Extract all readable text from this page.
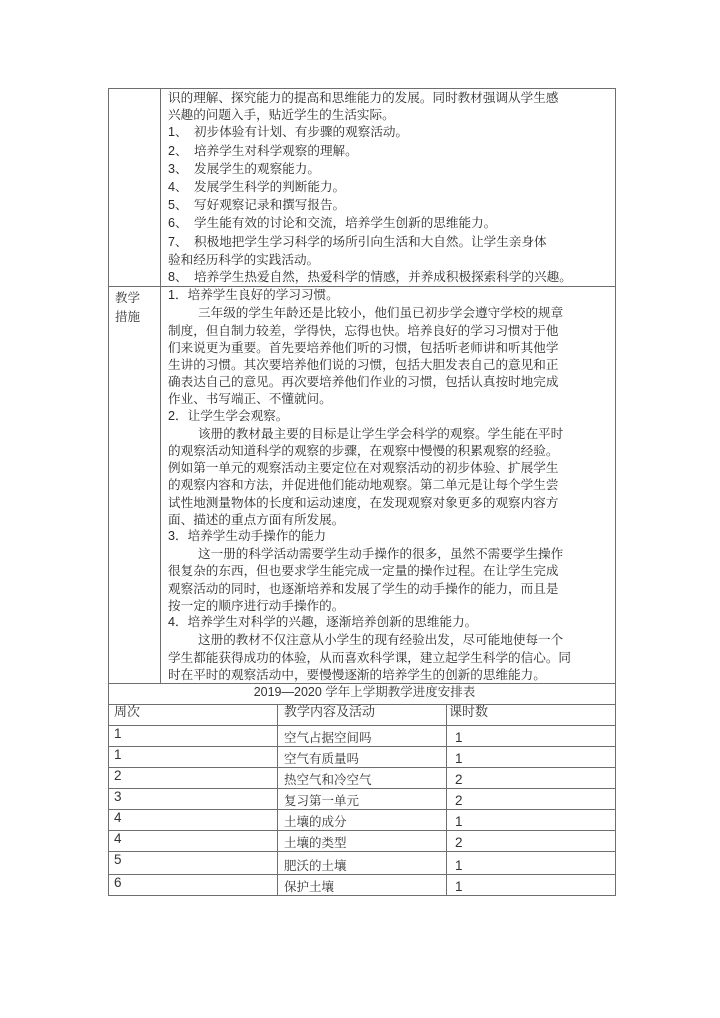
识的理解、探究能力的提高和思维能力的发展。同时教材强调从学生感

兴趣的问题入手，贴近学生的生活实际。

1、 初步体验有计划、有步骤的观察活动。

2、 培养学生对科学观察的理解。

3、 发展学生的观察能力。

4、 发展学生科学的判断能力。

5、 写好观察记录和撰写报告。

6、 学生能有效的讨论和交流，培养学生创新的思维能力。

7、 积极地把学生学习科学的场所引向生活和大自然。让学生亲身体

验和经历科学的实践活动。

8、 培养学生热爱自然，热爱科学的情感，并养成积极探索科学的兴趣。

教学
措施

1．培养学生良好的学习习惯。

三年级的学生年龄还是比较小，他们虽已初步学会遵守学校的规章
制度，但自制力较差，学得快，忘得也快。培养良好的学习习惯对于他
们来说更为重要。首先要培养他们听的习惯，包括听老师讲和听其他学
生讲的习惯。其次要培养他们说的习惯，包括大胆发表自己的意见和正
确表达自己的意见。再次要培养他们作业的习惯，包括认真按时地完成
作业、书写端正、不懂就问。

2．让学生学会观察。

该册的教材最主要的目标是让学生学会科学的观察。学生能在平时
的观察活动知道科学的观察的步骤，在观察中慢慢的积累观察的经验。
例如第一单元的观察活动主要定位在对观察活动的初步体验、扩展学生
的观察内容和方法，并促进他们能动地观察。第二单元是让每个学生尝
试性地测量物体的长度和运动速度，在发现观察对象更多的观察内容方
面、描述的重点方面有所发展。

3．培养学生动手操作的能力

这一册的科学活动需要学生动手操作的很多，虽然不需要学生操作
很复杂的东西，但也要求学生能完成一定量的操作过程。在让学生完成
观察活动的同时，也逐渐培养和发展了学生的动手操作的能力，而且是
按一定的顺序进行动手操作的。

4．培养学生对科学的兴趣，逐渐培养创新的思维能力。

这册的教材不仅注意从小学生的现有经验出发，尽可能地使每一个
学生都能获得成功的体验，从而喜欢科学课，建立起学生科学的信心。同
时在平时的观察活动中，要慢慢逐渐的培养学生的创新的思维能力。

2019—2020 学年上学期教学进度安排表		
周次	教学内容及活动	课时数
1	空气占据空间吗	1
1	空气有质量吗	1
2	热空气和冷空气	2
3	复习第一单元	2
4	土壤的成分	1
4	土壤的类型	2
5	肥沃的土壤	1
6	保护土壤	1
